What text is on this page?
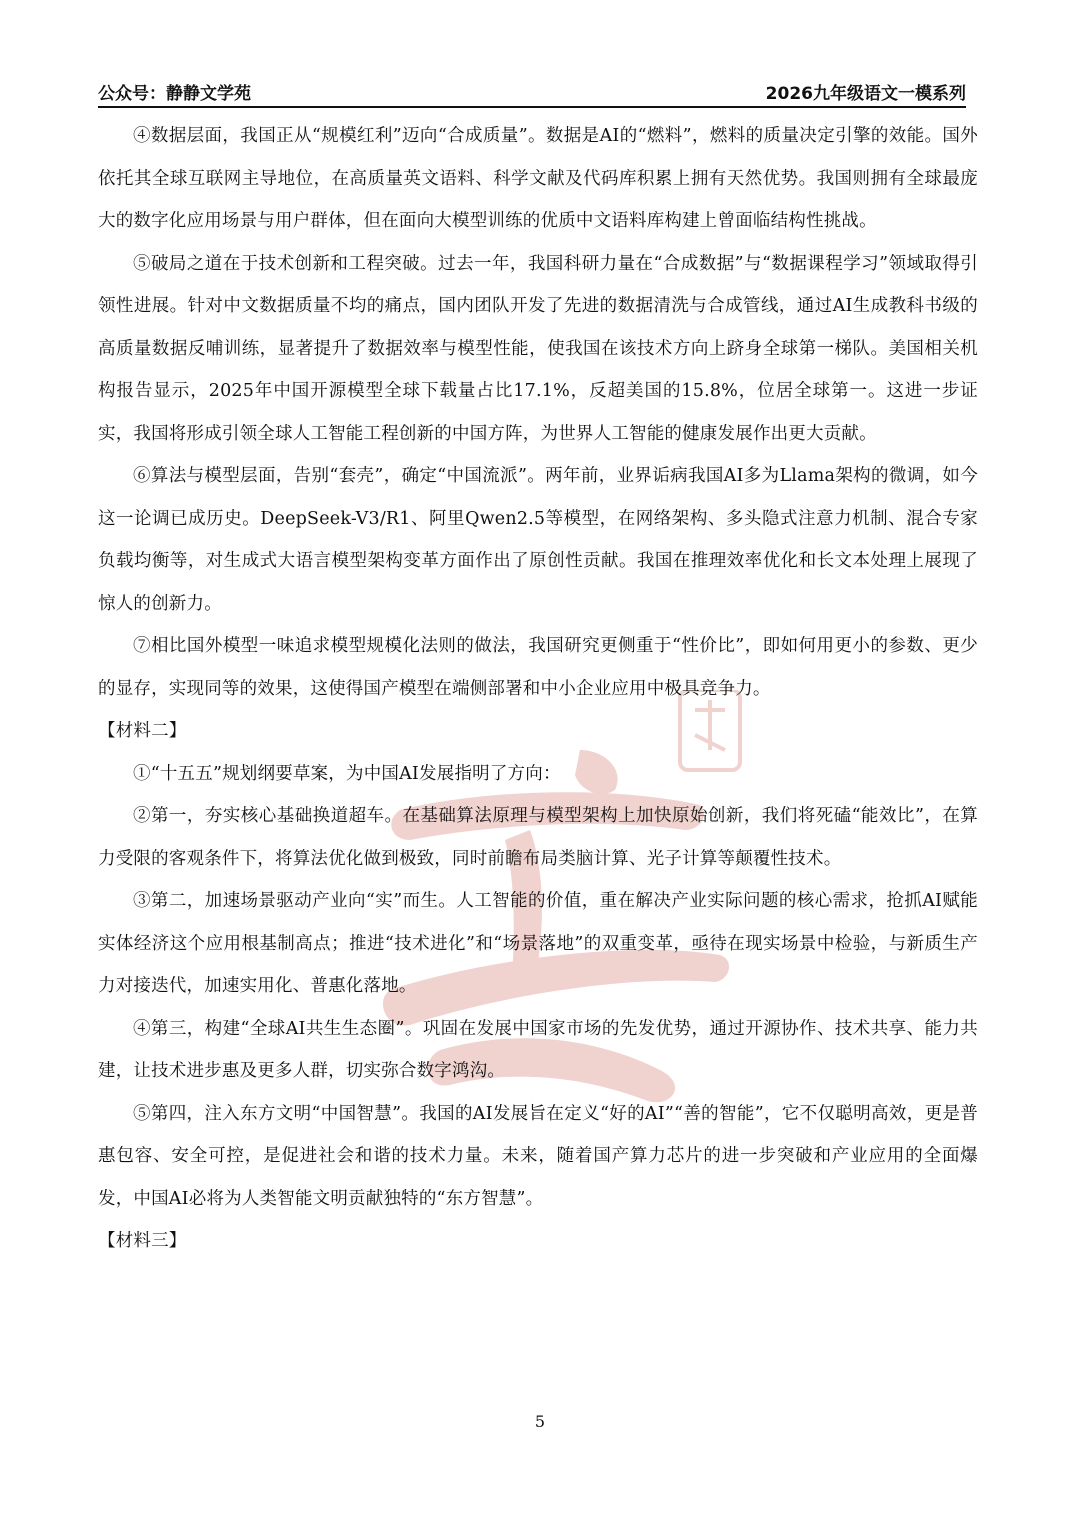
公众号：静静文学苑	2026九年级语文一模系列

④数据层面，我国正从“规模红利”迈向“合成质量”。数据是AI的“燃料”，燃料的质量决定引擎的效能。国外依托其全球互联网主导地位，在高质量英文语料、科学文献及代码库积累上拥有天然优势。我国则拥有全球最庞大的数字化应用场景与用户群体，但在面向大模型训练的优质中文语料库构建上曾面临结构性挑战。

⑤破局之道在于技术创新和工程突破。过去一年，我国科研力量在“合成数据”与“数据课程学习”领域取得引领性进展。针对中文数据质量不均的痛点，国内团队开发了先进的数据清洗与合成管线，通过AI生成教科书级的高质量数据反哺训练，显著提升了数据效率与模型性能，使我国在该技术方向上跻身全球第一梯队。美国相关机构报告显示，2025年中国开源模型全球下载量占比17.1%，反超美国的15.8%，位居全球第一。这进一步证实，我国将形成引领全球人工智能工程创新的中国方阵，为世界人工智能的健康发展作出更大贡献。

⑥算法与模型层面，告别“套壳”，确定“中国流派”。两年前，业界诟病我国AI多为Llama架构的微调，如今这一论调已成历史。DeepSeek-V3/R1、阿里Qwen2.5等模型，在网络架构、多头隐式注意力机制、混合专家负载均衡等，对生成式大语言模型架构变革方面作出了原创性贡献。我国在推理效率优化和长文本处理上展现了惊人的创新力。

⑦相比国外模型一味追求模型规模化法则的做法，我国研究更侧重于“性价比”，即如何用更小的参数、更少的显存，实现同等的效果，这使得国产模型在端侧部署和中小企业应用中极具竞争力。

【材料二】

①“十五五”规划纲要草案，为中国AI发展指明了方向：

②第一，夯实核心基础换道超车。在基础算法原理与模型架构上加快原始创新，我们将死磕“能效比”，在算力受限的客观条件下，将算法优化做到极致，同时前瞻布局类脑计算、光子计算等颠覆性技术。

③第二，加速场景驱动产业向“实”而生。人工智能的价值，重在解决产业实际问题的核心需求，抢抓AI赋能实体经济这个应用根基制高点；推进“技术进化”和“场景落地”的双重变革，亟待在现实场景中检验，与新质生产力对接迭代，加速实用化、普惠化落地。

④第三，构建“全球AI共生生态圈”。巩固在发展中国家市场的先发优势，通过开源协作、技术共享、能力共建，让技术进步惠及更多人群，切实弥合数字鸿沟。

⑤第四，注入东方文明“中国智慧”。我国的AI发展旨在定义“好的AI”“善的智能”，它不仅聪明高效，更是普惠包容、安全可控，是促进社会和谐的技术力量。未来，随着国产算力芯片的进一步突破和产业应用的全面爆发，中国AI必将为人类智能文明贡献独特的“东方智慧”。

【材料三】

5
